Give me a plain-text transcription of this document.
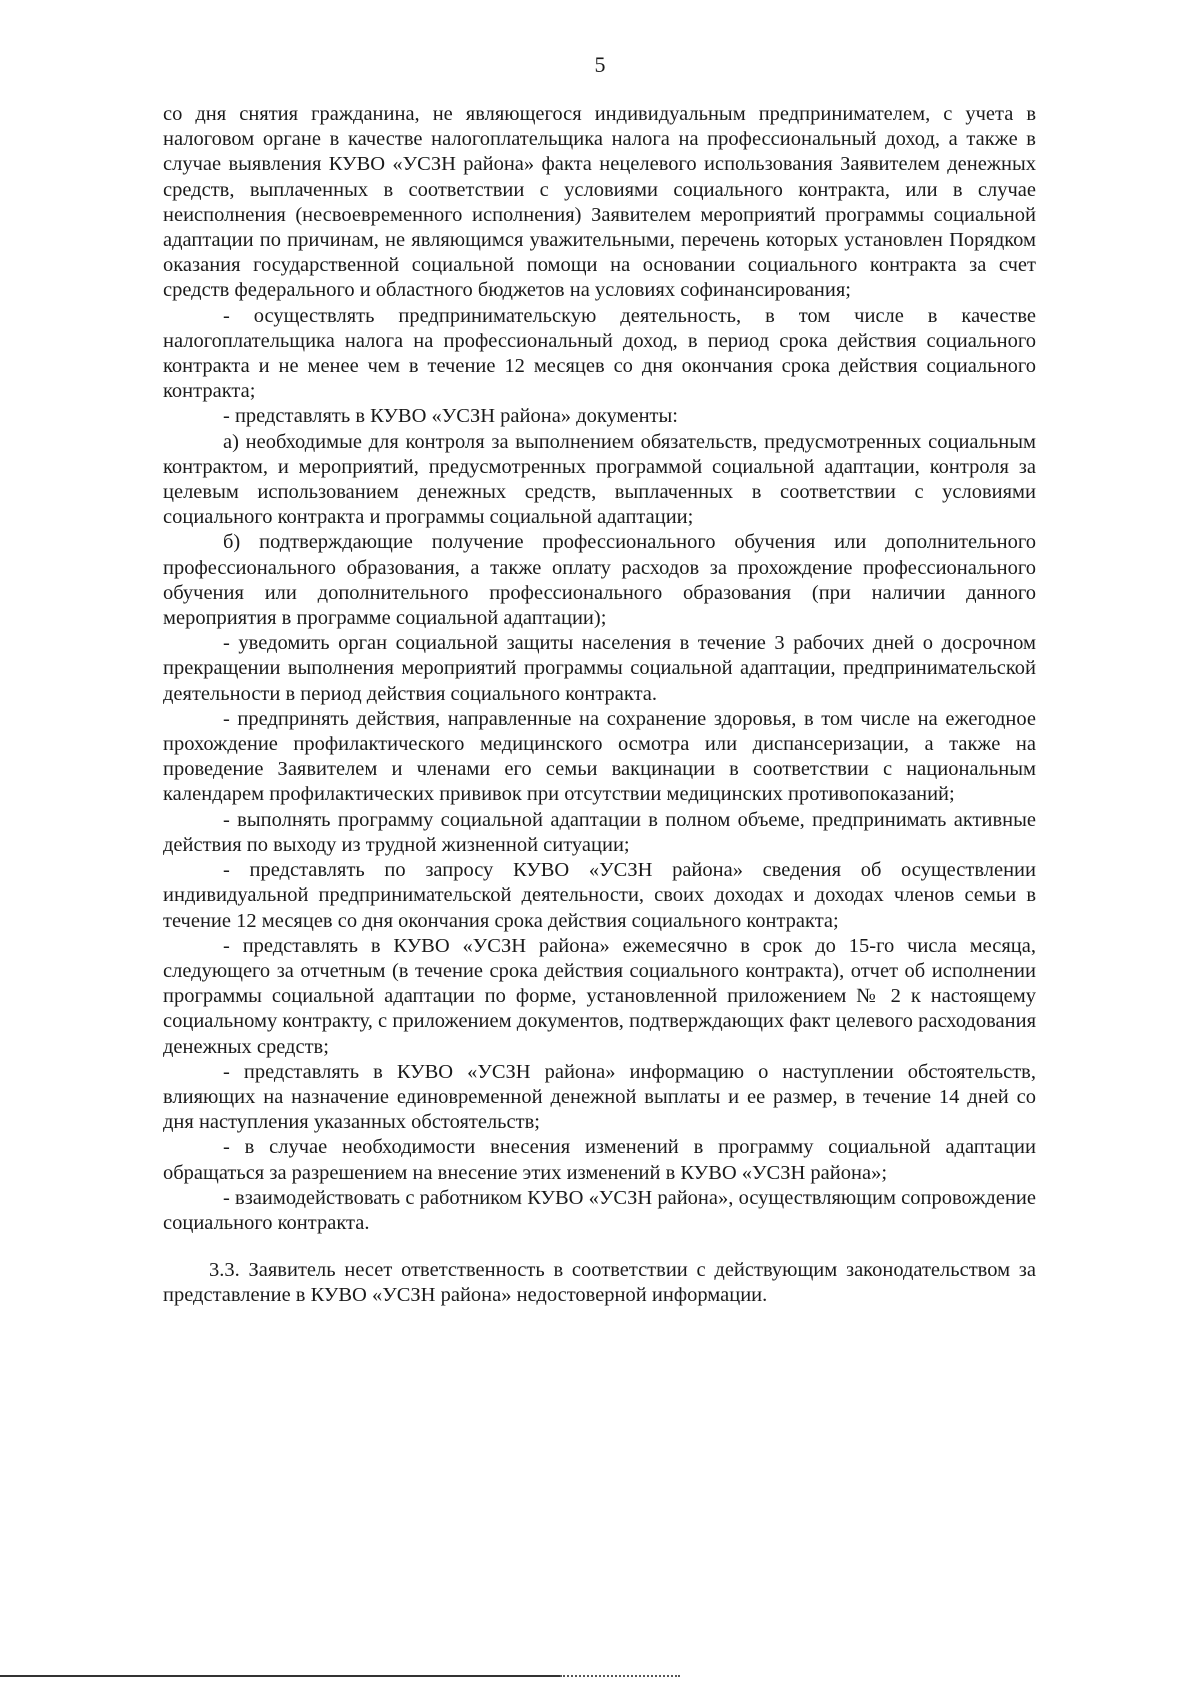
5

со дня снятия гражданина, не являющегося индивидуальным предпринимателем, с учета в налоговом органе в качестве налогоплательщика налога на профессиональный доход, а также в случае выявления КУВО «УСЗН района» факта нецелевого использования Заявителем денежных средств, выплаченных в соответствии с условиями социального контракта, или в случае неисполнения (несвоевременного исполнения) Заявителем мероприятий программы социальной адаптации по причинам, не являющимся уважительными, перечень которых установлен Порядком оказания государственной социальной помощи на основании социального контракта за счет средств федерального и областного бюджетов на условиях софинансирования;

- осуществлять предпринимательскую деятельность, в том числе в качестве налогоплательщика налога на профессиональный доход, в период срока действия социального контракта и не менее чем в течение 12 месяцев со дня окончания срока действия социального контракта;

- представлять в КУВО «УСЗН района» документы:

а) необходимые для контроля за выполнением обязательств, предусмотренных социальным контрактом, и мероприятий, предусмотренных программой социальной адаптации, контроля за целевым использованием денежных средств, выплаченных в соответствии с условиями социального контракта и программы социальной адаптации;

б) подтверждающие получение профессионального обучения или дополнительного профессионального образования, а также оплату расходов за прохождение профессионального обучения или дополнительного профессионального образования (при наличии данного мероприятия в программе социальной адаптации);

- уведомить орган социальной защиты населения в течение 3 рабочих дней о досрочном прекращении выполнения мероприятий программы социальной адаптации, предпринимательской деятельности в период действия социального контракта.

- предпринять действия, направленные на сохранение здоровья, в том числе на ежегодное прохождение профилактического медицинского осмотра или диспансеризации, а также на проведение Заявителем и членами его семьи вакцинации в соответствии с национальным календарем профилактических прививок при отсутствии медицинских противопоказаний;

- выполнять программу социальной адаптации в полном объеме, предпринимать активные действия по выходу из трудной жизненной ситуации;

- представлять по запросу КУВО «УСЗН района» сведения об осуществлении индивидуальной предпринимательской деятельности, своих доходах и доходах членов семьи в течение 12 месяцев со дня окончания срока действия социального контракта;

- представлять в КУВО «УСЗН района» ежемесячно в срок до 15-го числа месяца, следующего за отчетным (в течение срока действия социального контракта), отчет об исполнении программы социальной адаптации по форме, установленной приложением № 2 к настоящему социальному контракту, с приложением документов, подтверждающих факт целевого расходования денежных средств;

- представлять в КУВО «УСЗН района» информацию о наступлении обстоятельств, влияющих на назначение единовременной денежной выплаты и ее размер, в течение 14 дней со дня наступления указанных обстоятельств;

- в случае необходимости внесения изменений в программу социальной адаптации обращаться за разрешением на внесение этих изменений в КУВО «УСЗН района»;

- взаимодействовать с работником КУВО «УСЗН района», осуществляющим сопровождение социального контракта.

3.3. Заявитель несет ответственность в соответствии с действующим законодательством за представление в КУВО «УСЗН района» недостоверной информации.
